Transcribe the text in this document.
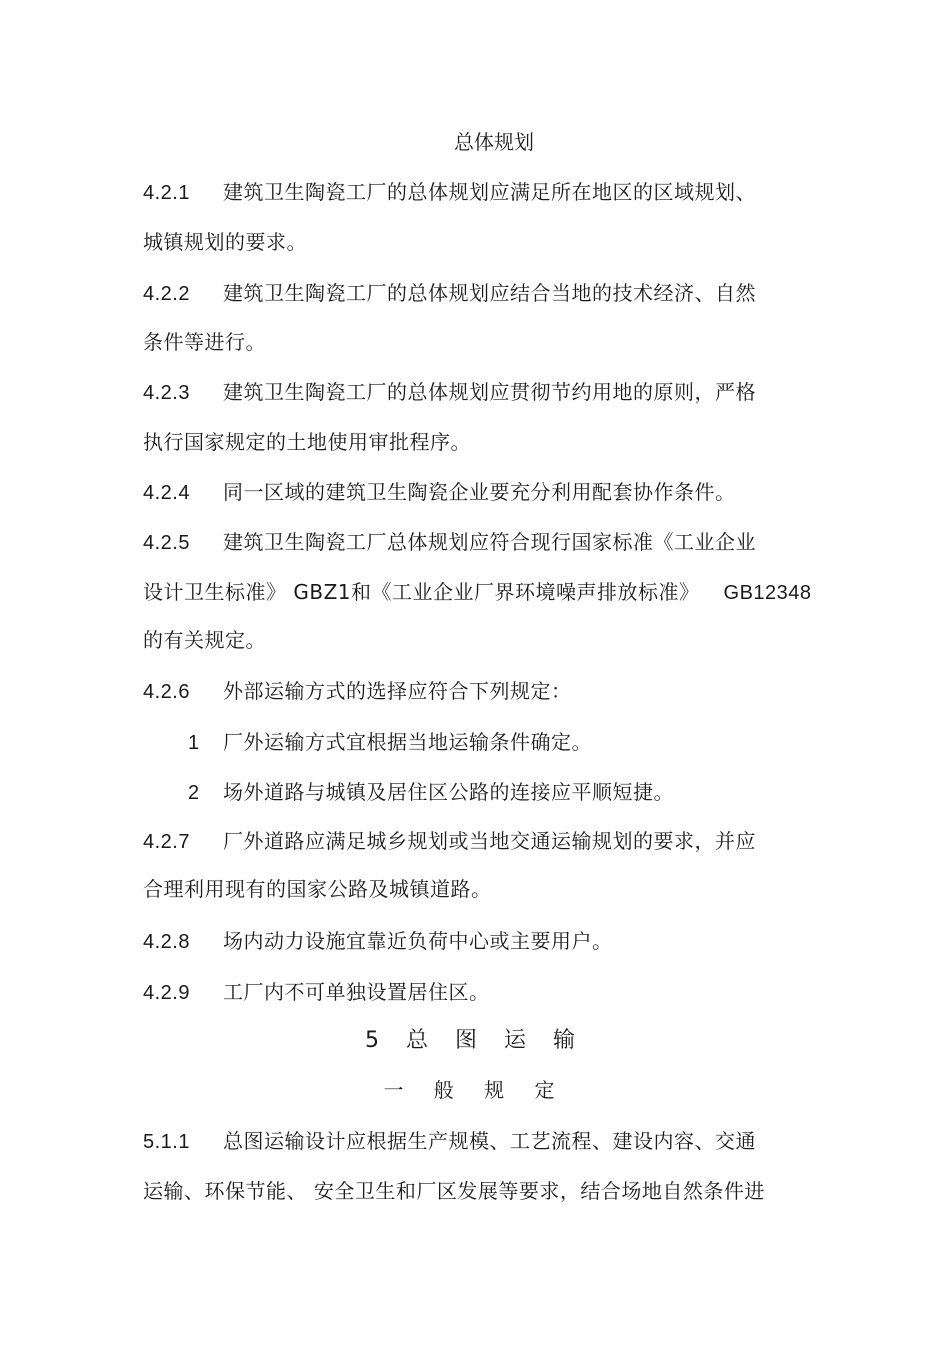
总体规划
4.2.1 建筑卫生陶瓷工厂的总体规划应满足所在地区的区域规划、
城镇规划的要求。
4.2.2 建筑卫生陶瓷工厂的总体规划应结合当地的技术经济、自然
条件等进行。
4.2.3 建筑卫生陶瓷工厂的总体规划应贯彻节约用地的原则，严格
执行国家规定的土地使用审批程序。
4.2.4 同一区域的建筑卫生陶瓷企业要充分利用配套协作条件。
4.2.5 建筑卫生陶瓷工厂总体规划应符合现行国家标准《工业企业
设计卫生标准》 GBZ1和《工业企业厂界环境噪声排放标准》 GB12348
的有关规定。
4.2.6 外部运输方式的选择应符合下列规定：
1 厂外运输方式宜根据当地运输条件确定。
2 场外道路与城镇及居住区公路的连接应平顺短捷。
4.2.7 厂外道路应满足城乡规划或当地交通运输规划的要求，并应
合理利用现有的国家公路及城镇道路。
4.2.8 场内动力设施宜靠近负荷中心或主要用户。
4.2.9 工厂内不可单独设置居住区。
5 总 图 运 输
一 般 规 定
5.1.1 总图运输设计应根据生产规模、工艺流程、建设内容、交通
运输、环保节能、 安全卫生和厂区发展等要求，结合场地自然条件进
